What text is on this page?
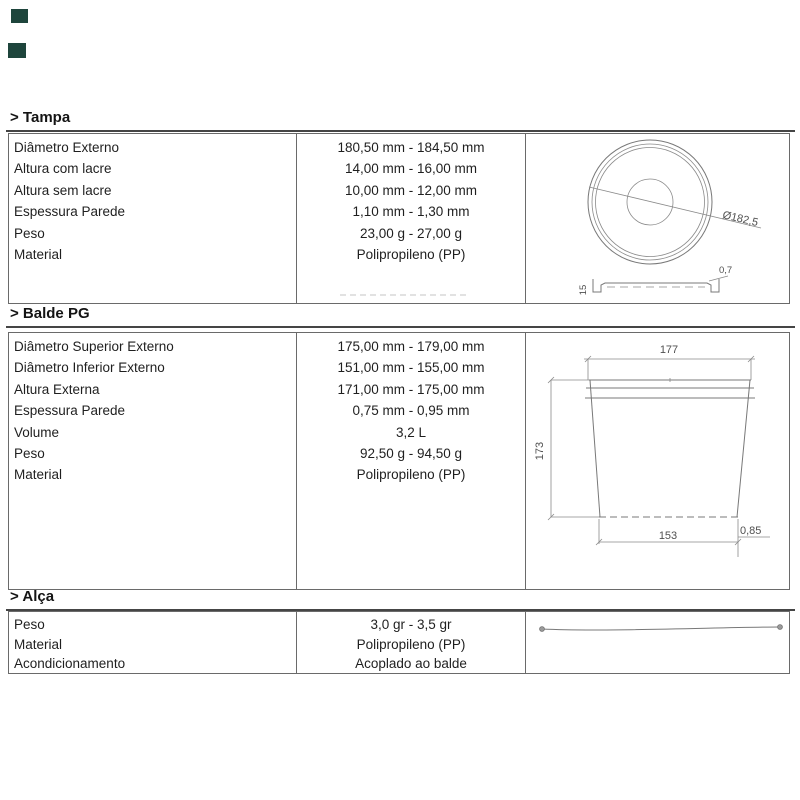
> Tampa
Diâmetro Externo
Altura com lacre
Altura sem lacre
Espessura Parede
Peso
Material
180,50 mm - 184,50 mm
14,00 mm - 16,00 mm
10,00 mm - 12,00 mm
1,10 mm - 1,30 mm
23,00 g - 27,00 g
Polipropileno (PP)
Ø182,5
0,7
15
> Balde PG
Diâmetro Superior Externo
Diâmetro Inferior Externo
Altura Externa
Espessura Parede
Volume
Peso
Material
175,00 mm - 179,00 mm
151,00 mm - 155,00 mm
171,00 mm - 175,00 mm
0,75 mm - 0,95 mm
3,2 L
92,50 g - 94,50 g
Polipropileno (PP)
177
173
153	0,85
> Alça
Peso
Material
Acondicionamento
3,0 gr - 3,5 gr
Polipropileno (PP)
Acoplado ao balde
